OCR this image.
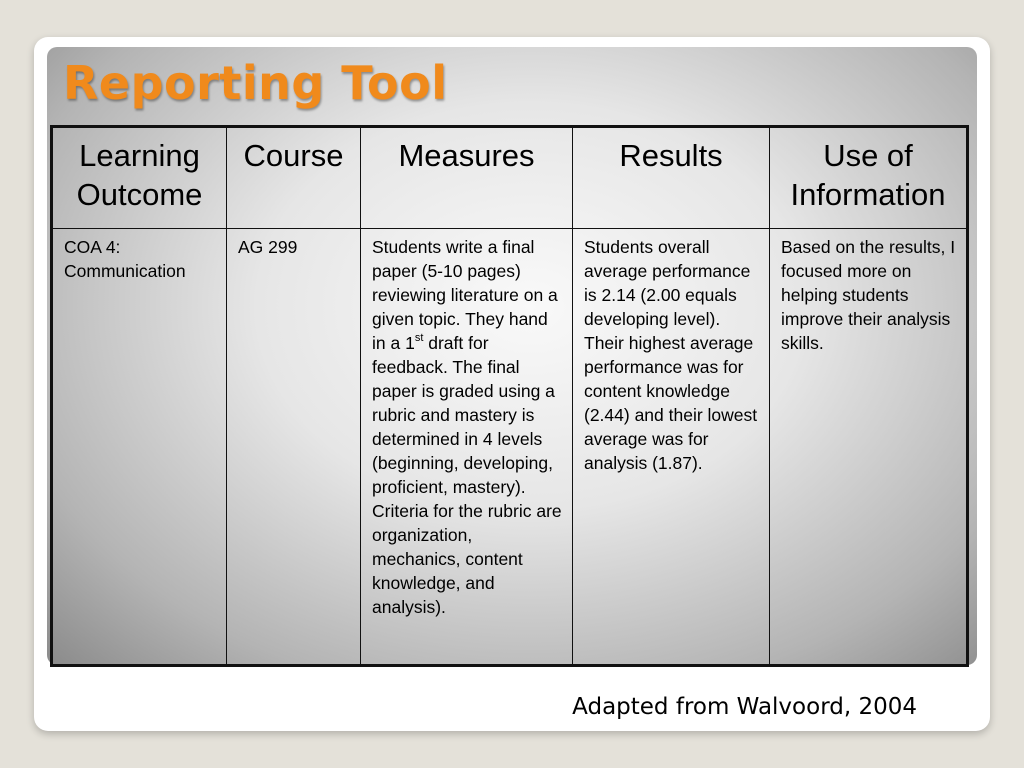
Reporting Tool
Learning Outcome	Course	Measures	Results	Use of Information
COA 4: Communication	AG 299	Students write a final paper (5-10 pages) reviewing literature on a given topic. They hand in a 1st draft for feedback. The final paper is graded using a rubric and mastery is determined in 4 levels (beginning, developing, proficient, mastery). Criteria for the rubric are organization, mechanics, content knowledge, and analysis).	Students overall average performance is 2.14 (2.00 equals developing level). Their highest average performance was for content knowledge (2.44) and their lowest average was for analysis (1.87).	Based on the results, I focused more on helping students improve their analysis skills.
Adapted from Walvoord, 2004
